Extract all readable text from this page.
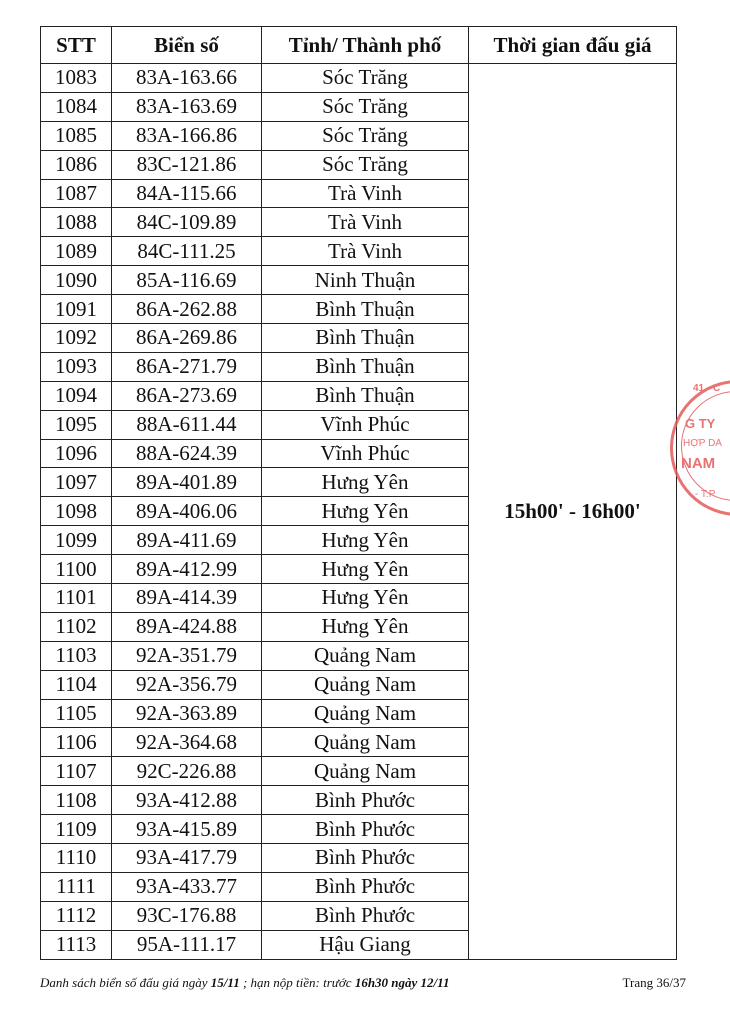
STT	Biển số	Tỉnh/ Thành phố	Thời gian đấu giá
1083	83A-163.66	Sóc Trăng	15h00' - 16h00'
1084	83A-163.69	Sóc Trăng	
1085	83A-166.86	Sóc Trăng	
1086	83C-121.86	Sóc Trăng	
1087	84A-115.66	Trà Vinh	
1088	84C-109.89	Trà Vinh	
1089	84C-111.25	Trà Vinh	
1090	85A-116.69	Ninh Thuận	
1091	86A-262.88	Bình Thuận	
1092	86A-269.86	Bình Thuận	
1093	86A-271.79	Bình Thuận	
1094	86A-273.69	Bình Thuận	
1095	88A-611.44	Vĩnh Phúc	
1096	88A-624.39	Vĩnh Phúc	
1097	89A-401.89	Hưng Yên	
1098	89A-406.06	Hưng Yên	
1099	89A-411.69	Hưng Yên	
1100	89A-412.99	Hưng Yên	
1101	89A-414.39	Hưng Yên	
1102	89A-424.88	Hưng Yên	
1103	92A-351.79	Quảng Nam	
1104	92A-356.79	Quảng Nam	
1105	92A-363.89	Quảng Nam	
1106	92A-364.68	Quảng Nam	
1107	92C-226.88	Quảng Nam	
1108	93A-412.88	Bình Phước	
1109	93A-415.89	Bình Phước	
1110	93A-417.79	Bình Phước	
1111	93A-433.77	Bình Phước	
1112	93C-176.88	Bình Phước	
1113	95A-111.17	Hậu Giang	
41 - C
G TY
HỢP DA
NAM
- T.P.
Danh sách biển số đấu giá ngày 15/11 ; hạn nộp tiền: trước 16h30 ngày 12/11	Trang 36/37
